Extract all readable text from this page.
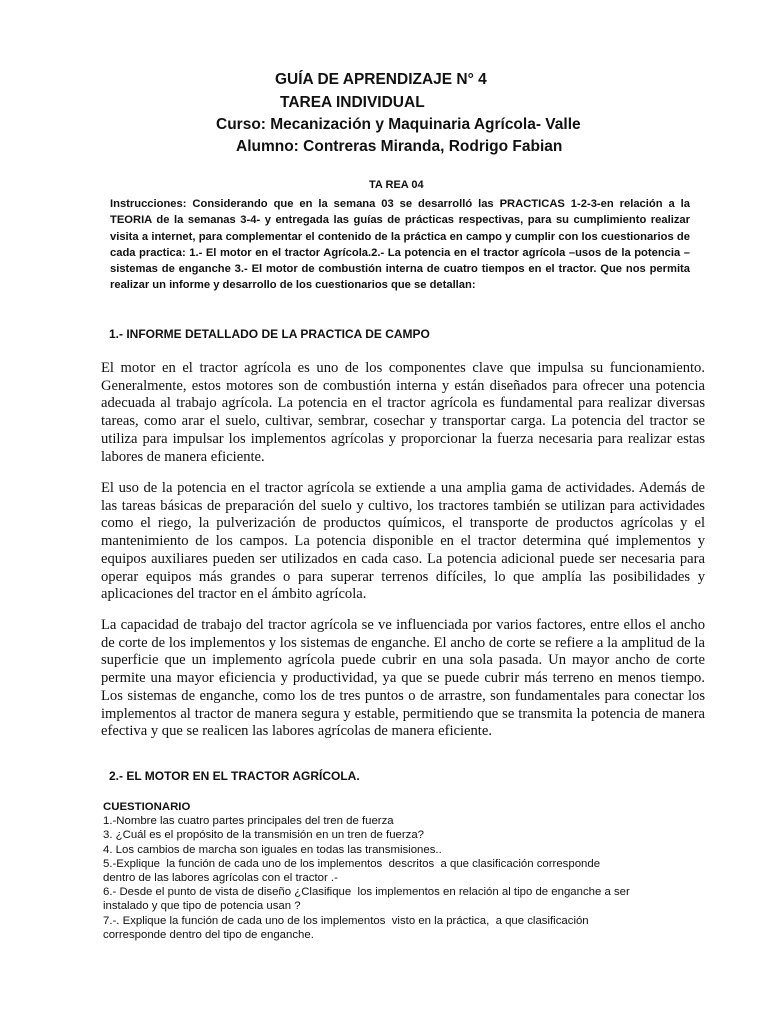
GUÍA DE APRENDIZAJE N° 4
TAREA INDIVIDUAL
Curso: Mecanización y Maquinaria Agrícola- Valle
Alumno: Contreras Miranda, Rodrigo Fabian
TA REA 04
Instrucciones: Considerando que en la semana 03 se desarrolló las PRACTICAS 1-2-3-en relación a la TEORIA de la semanas 3-4- y entregada las guías de prácticas respectivas, para su cumplimiento realizar visita a internet, para complementar el contenido de la práctica en campo y cumplir con los cuestionarios de cada practica: 1.- El motor en el tractor Agrícola.2.- La potencia en el tractor agrícola –usos de la potencia –sistemas de enganche 3.- El motor de combustión interna de cuatro tiempos en el tractor. Que nos permita realizar un informe y desarrollo de los cuestionarios que se detallan:
1.- INFORME DETALLADO DE LA PRACTICA DE CAMPO

El motor en el tractor agrícola es uno de los componentes clave que impulsa su funcionamiento. Generalmente, estos motores son de combustión interna y están diseñados para ofrecer una potencia adecuada al trabajo agrícola. La potencia en el tractor agrícola es fundamental para realizar diversas tareas, como arar el suelo, cultivar, sembrar, cosechar y transportar carga. La potencia del tractor se utiliza para impulsar los implementos agrícolas y proporcionar la fuerza necesaria para realizar estas labores de manera eficiente.

El uso de la potencia en el tractor agrícola se extiende a una amplia gama de actividades. Además de las tareas básicas de preparación del suelo y cultivo, los tractores también se utilizan para actividades como el riego, la pulverización de productos químicos, el transporte de productos agrícolas y el mantenimiento de los campos. La potencia disponible en el tractor determina qué implementos y equipos auxiliares pueden ser utilizados en cada caso. La potencia adicional puede ser necesaria para operar equipos más grandes o para superar terrenos difíciles, lo que amplía las posibilidades y aplicaciones del tractor en el ámbito agrícola.

La capacidad de trabajo del tractor agrícola se ve influenciada por varios factores, entre ellos el ancho de corte de los implementos y los sistemas de enganche. El ancho de corte se refiere a la amplitud de la superficie que un implemento agrícola puede cubrir en una sola pasada. Un mayor ancho de corte permite una mayor eficiencia y productividad, ya que se puede cubrir más terreno en menos tiempo. Los sistemas de enganche, como los de tres puntos o de arrastre, son fundamentales para conectar los implementos al tractor de manera segura y estable, permitiendo que se transmita la potencia de manera efectiva y que se realicen las labores agrícolas de manera eficiente.

2.- EL MOTOR EN EL TRACTOR AGRÍCOLA.
CUESTIONARIO
1.-Nombre las cuatro partes principales del tren de fuerza
3. ¿Cuál es el propósito de la transmisión en un tren de fuerza?
4. Los cambios de marcha son iguales en todas las transmisiones..
5.-Explique  la función de cada uno de los implementos  descritos  a que clasificación corresponde
dentro de las labores agrícolas con el tractor .-
6.- Desde el punto de vista de diseño ¿Clasifique  los implementos en relación al tipo de enganche a ser
instalado y que tipo de potencia usan ?
7.-. Explique la función de cada uno de los implementos  visto en la práctica,  a que clasificación
corresponde dentro del tipo de enganche.
